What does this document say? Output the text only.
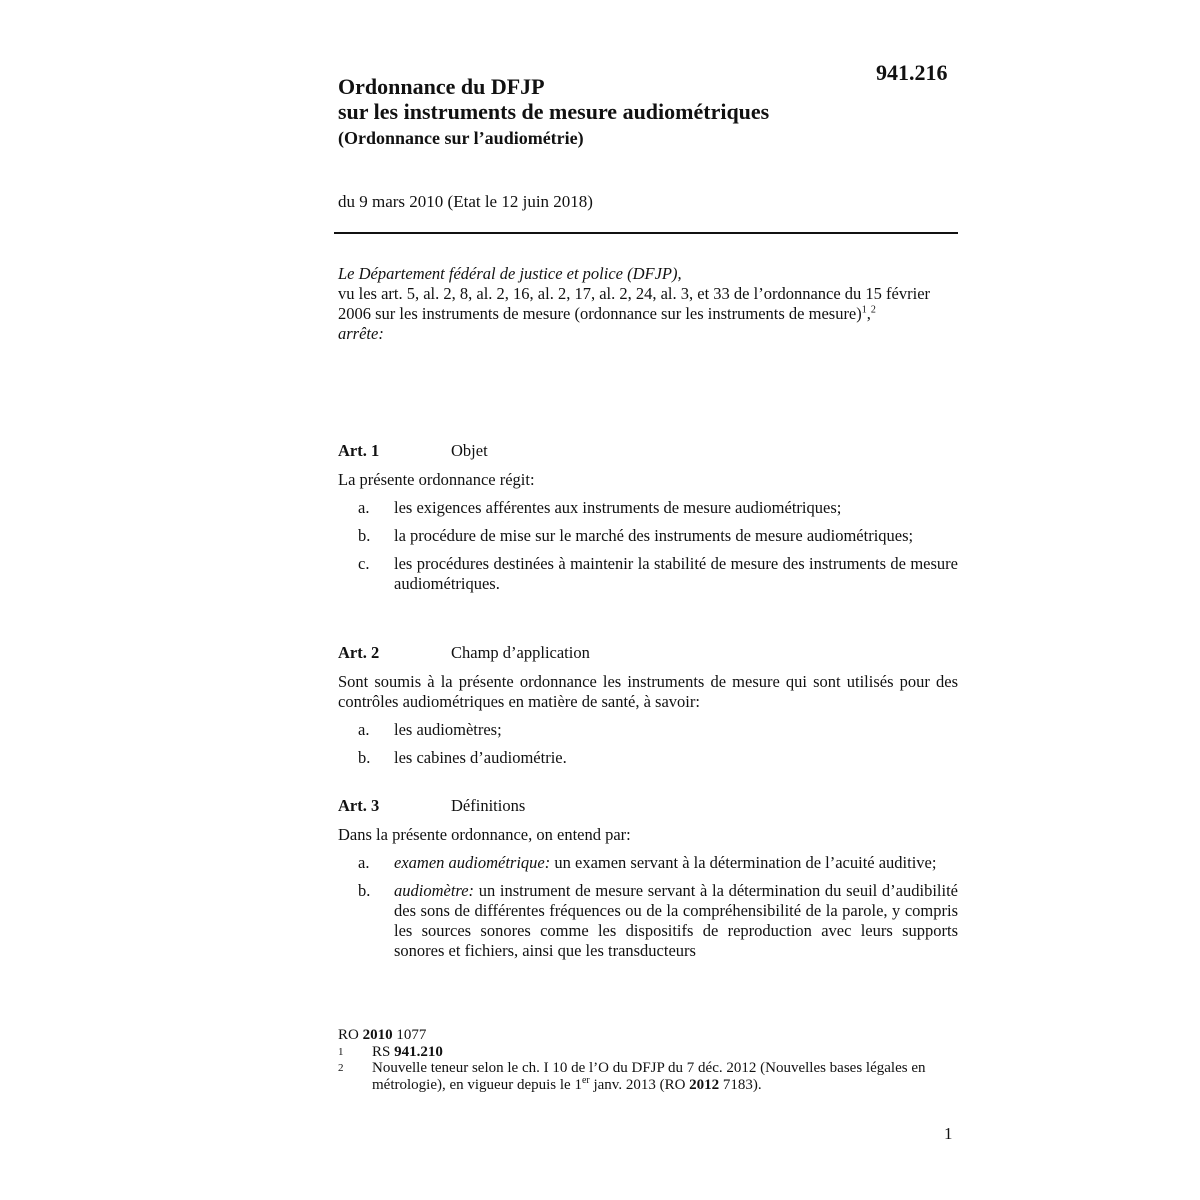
941.216
Ordonnance du DFJP
sur les instruments de mesure audiométriques
(Ordonnance sur l’audiométrie)
du 9 mars 2010 (Etat le 12 juin 2018)
Le Département fédéral de justice et police (DFJP),
vu les art. 5, al. 2, 8, al. 2, 16, al. 2, 17, al. 2, 24, al. 3, et 33 de l’ordonnance du 15 février 2006 sur les instruments de mesure (ordonnance sur les instruments de mesure)$^1$,$^2$
arrête:
Art. 1	Objet
La présente ordonnance régit:
a.	les exigences afférentes aux instruments de mesure audiométriques;
b.	la procédure de mise sur le marché des instruments de mesure audiométriques;
c.	les procédures destinées à maintenir la stabilité de mesure des instruments de mesure audiométriques.
Art. 2	Champ d’application
Sont soumis à la présente ordonnance les instruments de mesure qui sont utilisés pour des contrôles audiométriques en matière de santé, à savoir:
a.	les audiomètres;
b.	les cabines d’audiométrie.
Art. 3	Définitions
Dans la présente ordonnance, on entend par:
a.	examen audiométrique: un examen servant à la détermination de l’acuité auditive;
b.	audiomètre: un instrument de mesure servant à la détermination du seuil d’audibilité des sons de différentes fréquences ou de la compréhensibilité de la parole, y compris les sources sonores comme les dispositifs de reproduction avec leurs supports sonores et fichiers, ainsi que les transducteurs
RO 2010 1077
1	RS 941.210
2	Nouvelle teneur selon le ch. I 10 de l’O du DFJP du 7 déc. 2012 (Nouvelles bases légales en métrologie), en vigueur depuis le 1er janv. 2013 (RO 2012 7183).
1
